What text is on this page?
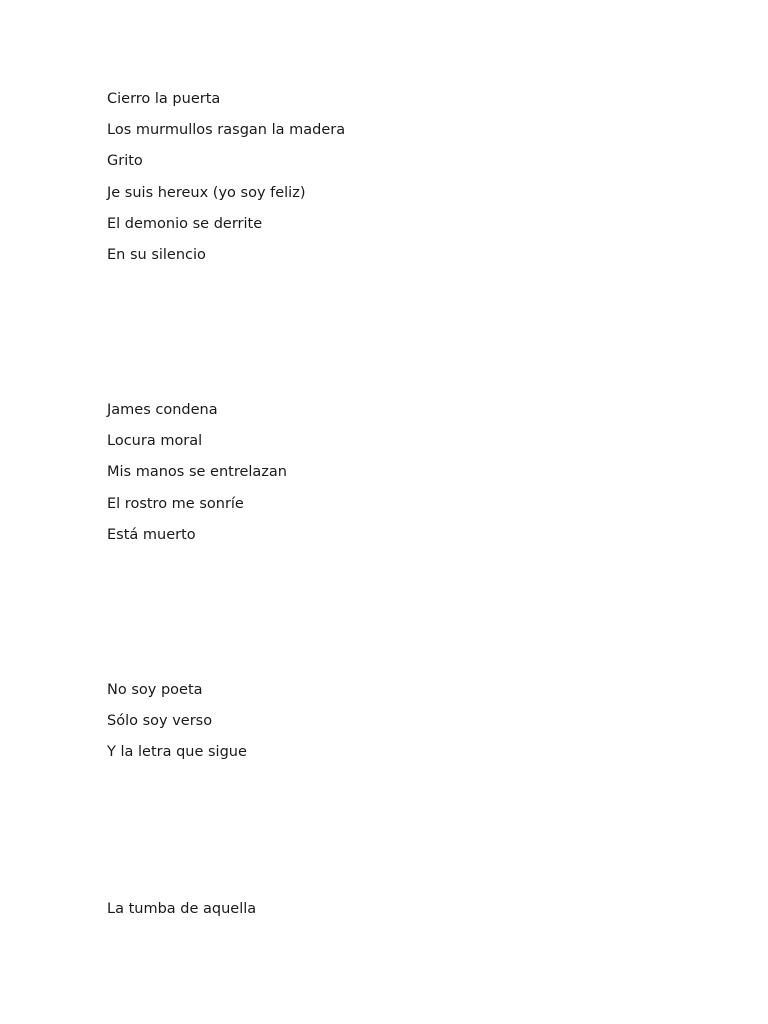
Cierro la puerta
Los murmullos rasgan la madera
Grito
Je suis hereux (yo soy feliz)
El demonio se derrite
En su silencio
James condena
Locura moral
Mis manos se entrelazan
El rostro me sonríe
Está muerto
No soy poeta
Sólo soy verso
Y la letra que sigue
La tumba de aquella
